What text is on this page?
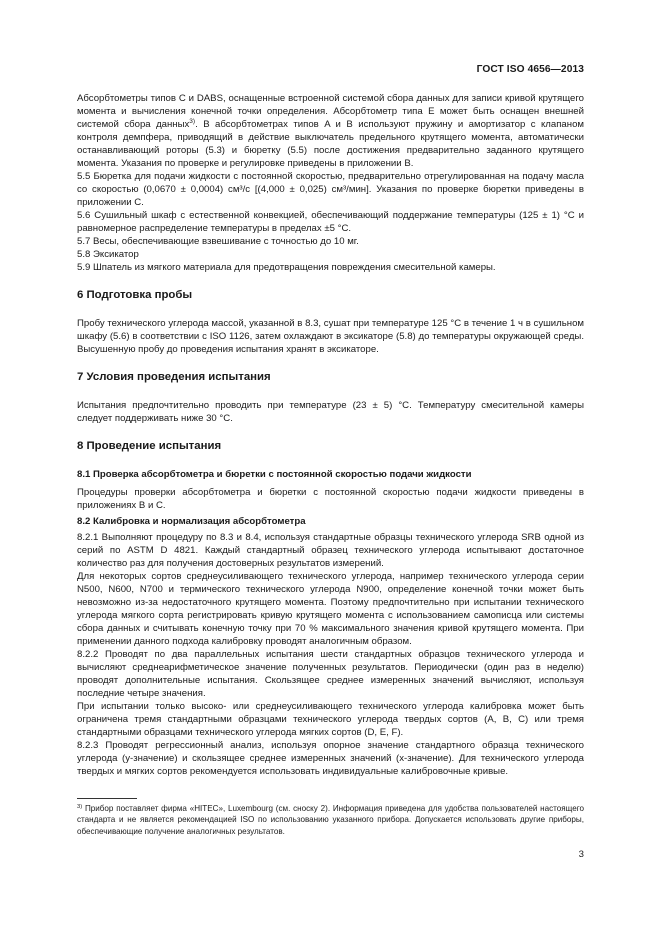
ГОСТ ISO 4656—2013

Абсорбтометры типов C и DABS, оснащенные встроенной системой сбора данных для записи кривой крутящего момента и вычисления конечной точки определения. Абсорбтометр типа E может быть оснащен внешней системой сбора данных$^{3)}$. В абсорбтометрах типов A и B используют пружину и амортизатор с клапаном контроля демпфера, приводящий в действие выключатель предельного крутящего момента, автоматически останавливающий роторы (5.3) и бюретку (5.5) после достижения предварительно заданного крутящего момента. Указания по проверке и регулировке приведены в приложении B.

5.5 Бюретка для подачи жидкости с постоянной скоростью, предварительно отрегулированная на подачу масла со скоростью (0,0670 ± 0,0004) см³/с [(4,000 ± 0,025) см³/мин]. Указания по проверке бюретки приведены в приложении C.

5.6 Сушильный шкаф с естественной конвекцией, обеспечивающий поддержание температуры (125 ± 1) °C и равномерное распределение температуры в пределах ±5 °C.

5.7 Весы, обеспечивающие взвешивание с точностью до 10 мг.

5.8 Эксикатор

5.9 Шпатель из мягкого материала для предотвращения повреждения смесительной камеры.

6 Подготовка пробы

Пробу технического углерода массой, указанной в 8.3, сушат при температуре 125 °C в течение 1 ч в сушильном шкафу (5.6) в соответствии с ISO 1126, затем охлаждают в эксикаторе (5.8) до температуры окружающей среды. Высушенную пробу до проведения испытания хранят в эксикаторе.

7 Условия проведения испытания

Испытания предпочтительно проводить при температуре (23 ± 5) °C. Температуру смесительной камеры следует поддерживать ниже 30 °C.

8 Проведение испытания
8.1 Проверка абсорбтометра и бюретки с постоянной скоростью подачи жидкости

Процедуры проверки абсорбтометра и бюретки с постоянной скоростью подачи жидкости приведены в приложениях B и C.

8.2 Калибровка и нормализация абсорбтометра

8.2.1 Выполняют процедуру по 8.3 и 8.4, используя стандартные образцы технического углерода SRB одной из серий по ASTM D 4821. Каждый стандартный образец технического углерода испытывают достаточное количество раз для получения достоверных результатов измерений.

Для некоторых сортов среднеусиливающего технического углерода, например технического углерода серии N500, N600, N700 и термического технического углерода N900, определение конечной точки может быть невозможно из-за недостаточного крутящего момента. Поэтому предпочтительно при испытании технического углерода мягкого сорта регистрировать кривую крутящего момента с использованием самописца или системы сбора данных и считывать конечную точку при 70 % максимального значения кривой крутящего момента. При применении данного подхода калибровку проводят аналогичным образом.

8.2.2 Проводят по два параллельных испытания шести стандартных образцов технического углерода и вычисляют среднеарифметическое значение полученных результатов. Периодически (один раз в неделю) проводят дополнительные испытания. Скользящее среднее измеренных значений вычисляют, используя последние четыре значения.

При испытании только высоко- или среднеусиливающего технического углерода калибровка может быть ограничена тремя стандартными образцами технического углерода твердых сортов (A, B, C) или тремя стандартными образцами технического углерода мягких сортов (D, E, F).

8.2.3 Проводят регрессионный анализ, используя опорное значение стандартного образца технического углерода (y-значение) и скользящее среднее измеренных значений (x-значение). Для технического углерода твердых и мягких сортов рекомендуется использовать индивидуальные калибровочные кривые.

$^{3)}$ Прибор поставляет фирма «HITEC», Luxembourg (см. сноску 2). Информация приведена для удобства пользователей настоящего стандарта и не является рекомендацией ISO по использованию указанного прибора. Допускается использовать другие приборы, обеспечивающие получение аналогичных результатов.
3
